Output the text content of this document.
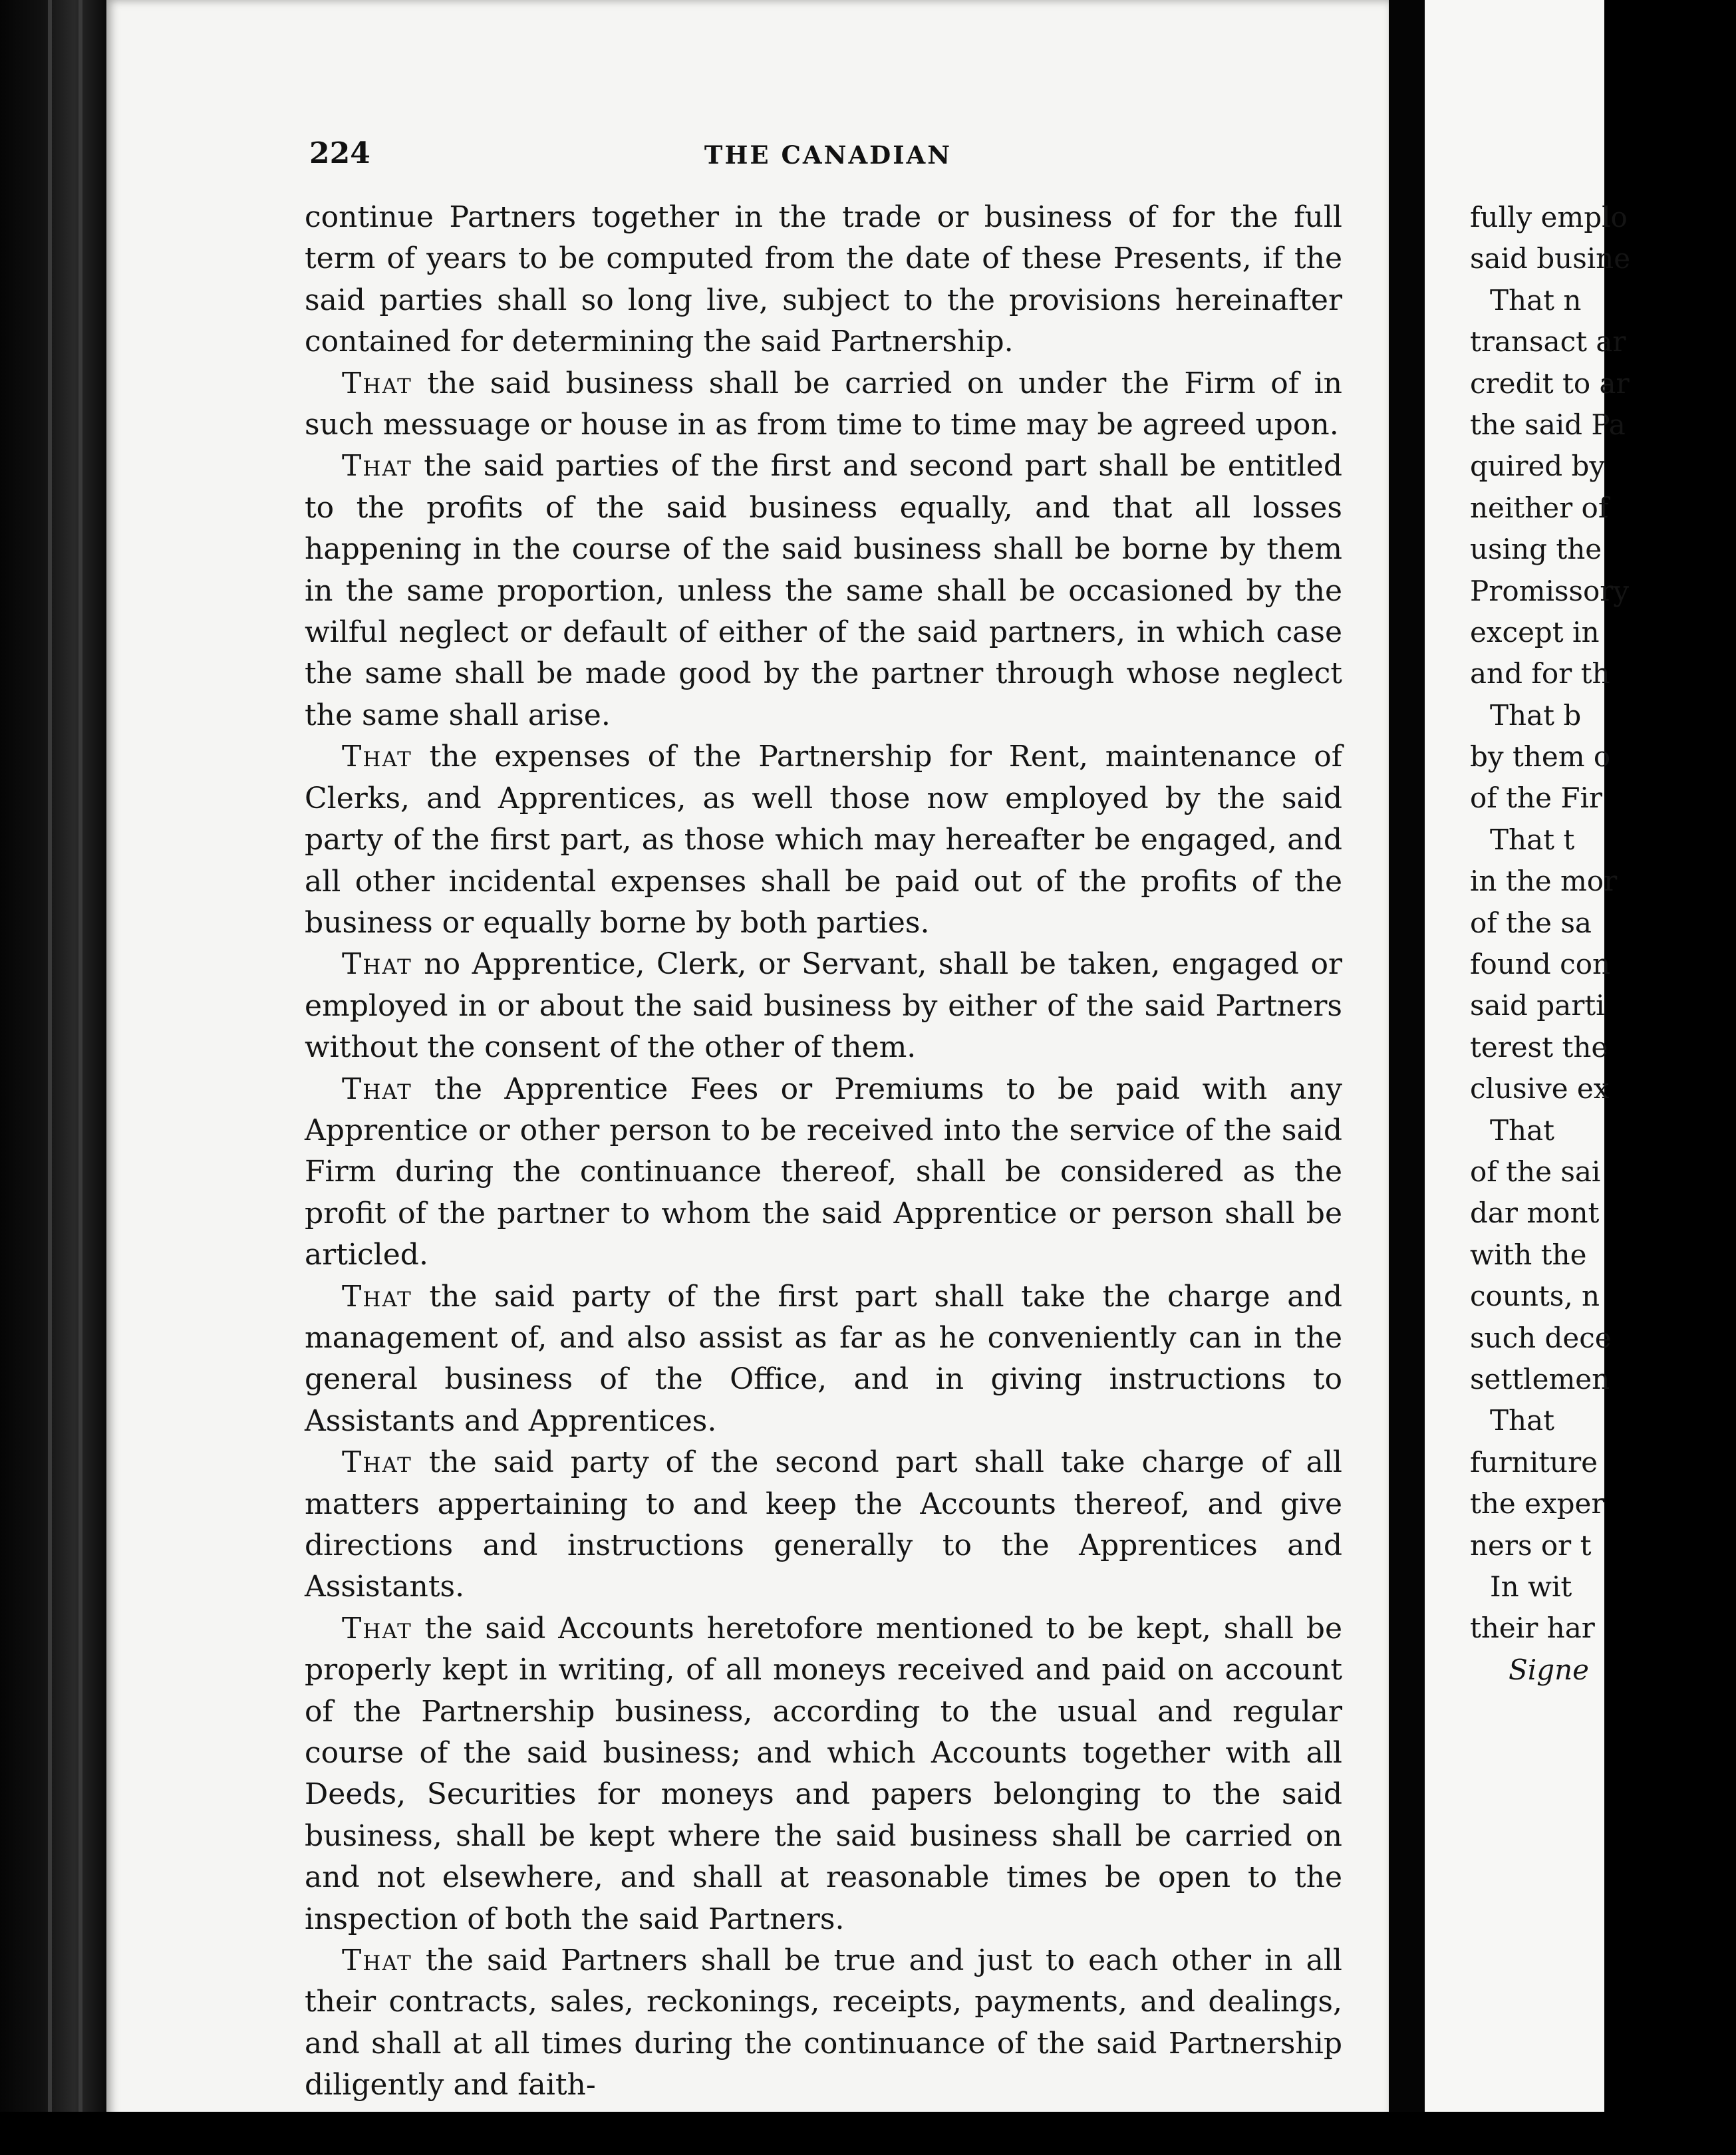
224	THE CANADIAN

continue Partners together in the trade or business of for the full term of years to be computed from the date of these Presents, if the said parties shall so long live, subject to the provisions hereinafter contained for determining the said Partnership.

That the said business shall be carried on under the Firm of in such messuage or house in as from time to time may be agreed upon.

That the said parties of the first and second part shall be entitled to the profits of the said business equally, and that all losses happening in the course of the said business shall be borne by them in the same proportion, unless the same shall be occasioned by the wilful neglect or default of either of the said partners, in which case the same shall be made good by the partner through whose neglect the same shall arise.

That the expenses of the Partnership for Rent, maintenance of Clerks, and Apprentices, as well those now employed by the said party of the first part, as those which may hereafter be engaged, and all other incidental expenses shall be paid out of the profits of the business or equally borne by both parties.

That no Apprentice, Clerk, or Servant, shall be taken, engaged or employed in or about the said business by either of the said Partners without the consent of the other of them.

That the Apprentice Fees or Premiums to be paid with any Apprentice or other person to be received into the service of the said Firm during the continuance thereof, shall be considered as the profit of the partner to whom the said Apprentice or person shall be articled.

That the said party of the first part shall take the charge and management of, and also assist as far as he conveniently can in the general business of the Office, and in giving instructions to Assistants and Apprentices.

That the said party of the second part shall take charge of all matters appertaining to and keep the Accounts thereof, and give directions and instructions generally to the Apprentices and Assistants.

That the said Accounts heretofore mentioned to be kept, shall be properly kept in writing, of all moneys received and paid on account of the Partnership business, according to the usual and regular course of the said business; and which Accounts together with all Deeds, Securities for moneys and papers belonging to the said business, shall be kept where the said business shall be carried on and not elsewhere, and shall at reasonable times be open to the inspection of both the said Partners.

That the said Partners shall be true and just to each other in all their contracts, sales, reckonings, receipts, payments, and dealings, and shall at all times during the continuance of the said Partnership diligently and faith-

fully emplo
said busine
That n
transact ar
credit to ar
the said Pa
quired by
neither of
using the
Promissory
except in
and for th
That b
by them o
of the Fir
That t
in the mor
of the sa
found con
said parti
terest the
clusive ex
That
of the sai
dar mont
with the
counts, n
such dece
settlemen
That
furniture
the exper
ners or t
In wit
their har
Signe
